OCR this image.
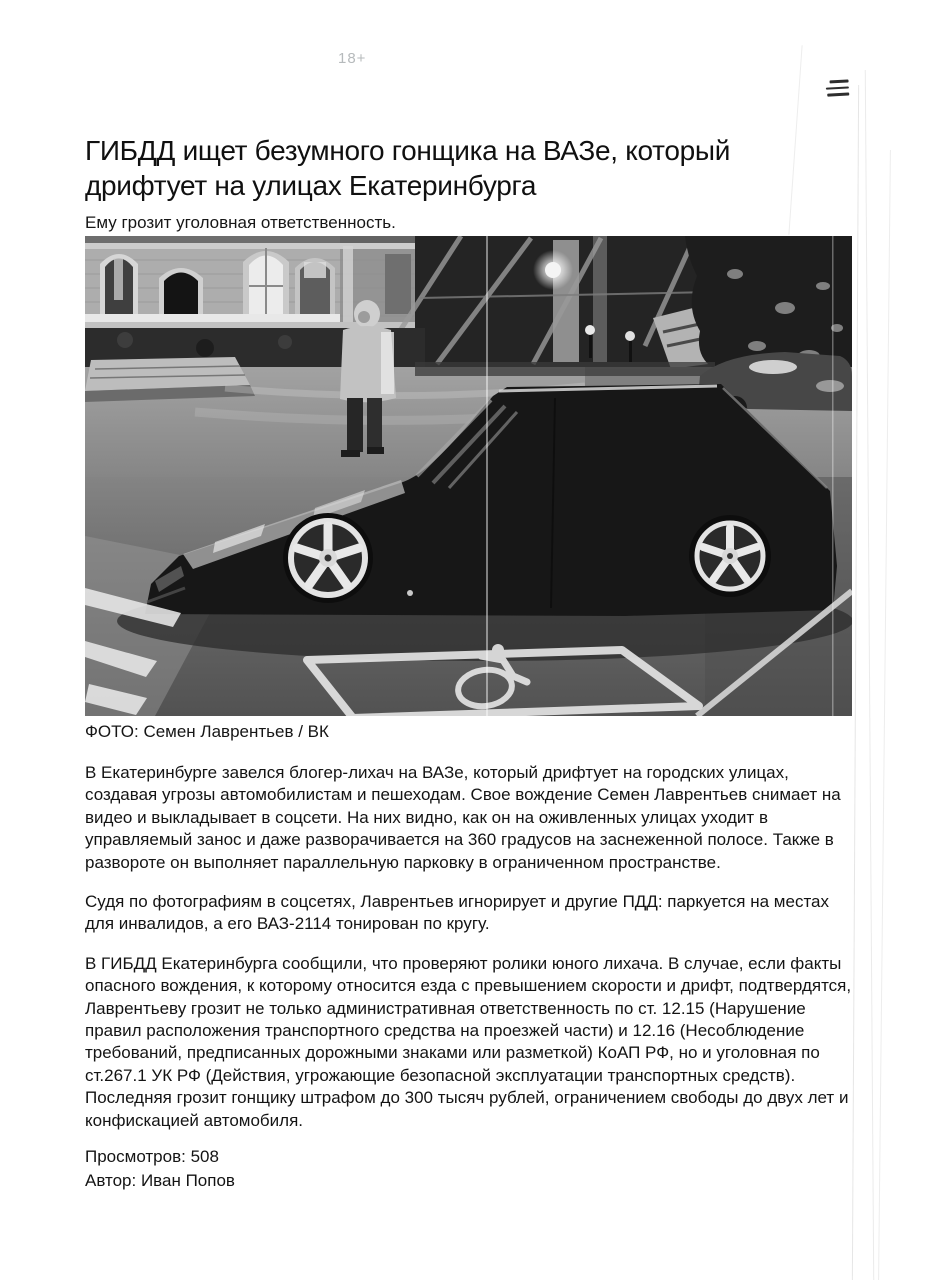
18+
ГИБДД ищет безумного гонщика на ВАЗе, который дрифтует на улицах Екатеринбурга

Ему грозит уголовная ответственность.

ФОТО: Семен Лаврентьев / ВК

В Екатеринбурге завелся блогер-лихач на ВАЗе, который дрифтует на городских улицах, создавая угрозы автомобилистам и пешеходам. Свое вождение Семен Лаврентьев снимает на видео и выкладывает в соцсети. На них видно, как он на оживленных улицах уходит в управляемый занос и даже разворачивается на 360 градусов на заснеженной полосе. Также в развороте он выполняет параллельную парковку в ограниченном пространстве.

Судя по фотографиям в соцсетях, Лаврентьев игнорирует и другие ПДД: паркуется на местах для инвалидов, а его ВАЗ-2114 тонирован по кругу.

В ГИБДД Екатеринбурга сообщили, что проверяют ролики юного лихача. В случае, если факты опасного вождения, к которому относится езда с превышением скорости и дрифт, подтвердятся, Лаврентьеву грозит не только административная ответственность по ст. 12.15 (Нарушение правил расположения транспортного средства на проезжей части) и 12.16 (Несоблюдение требований, предписанных дорожными знаками или разметкой) КоАП РФ, но и уголовная по ст.267.1 УК РФ (Действия, угрожающие безопасной эксплуатации транспортных средств). Последняя грозит гонщику штрафом до 300 тысяч рублей, ограничением свободы до двух лет и конфискацией автомобиля.

Просмотров: 508
Автор: Иван Попов
